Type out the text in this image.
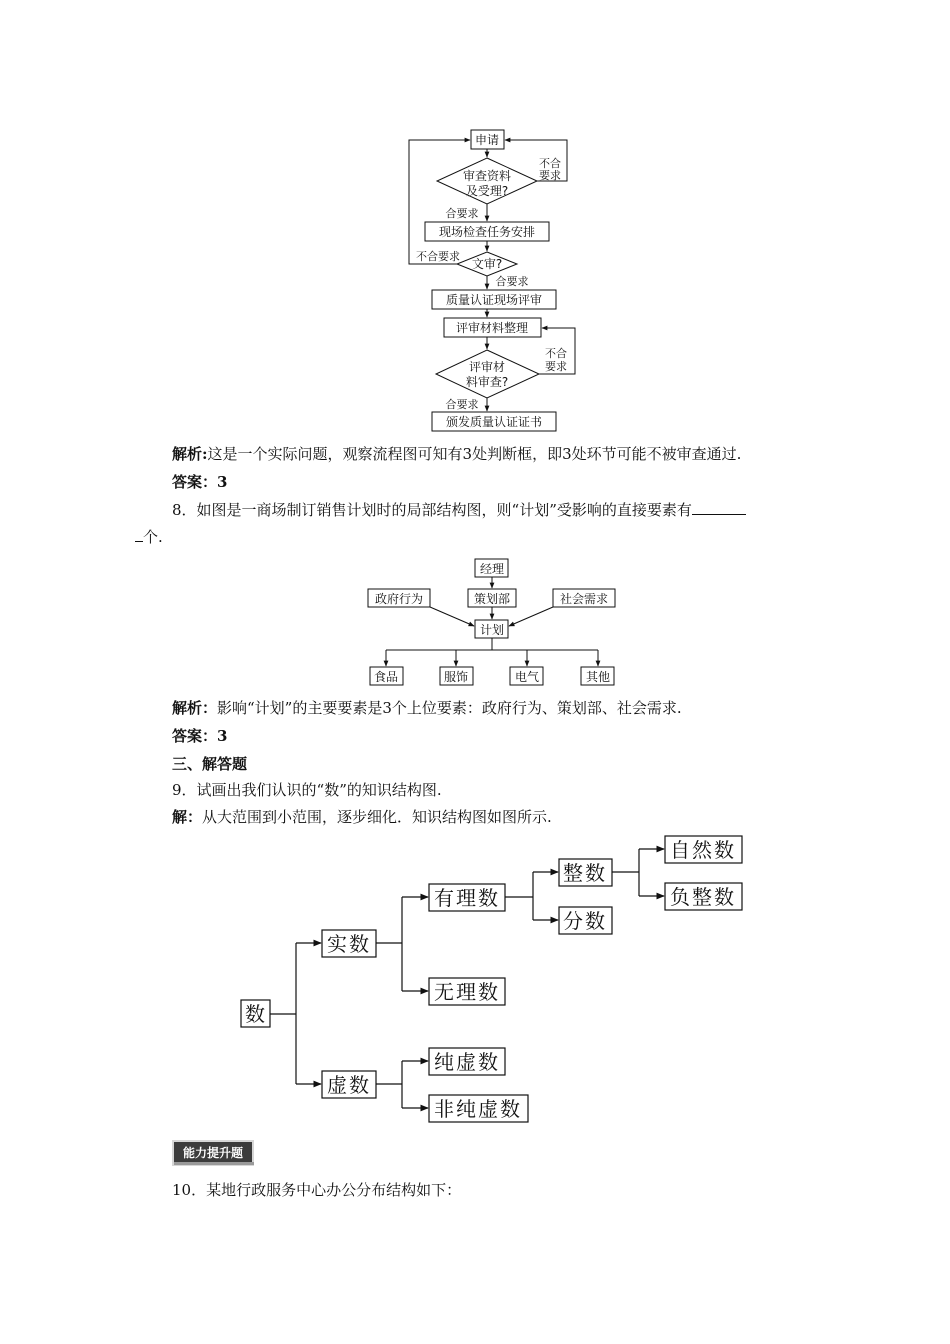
申请
审查资料
及受理?
不合
要求
合要求
现场检查任务安排
不合要求
文审?
合要求
质量认证现场评审
评审材料整理
评审材
料审查?
不合
要求
合要求
颁发质量认证证书
解析:这是一个实际问题，观察流程图可知有3处判断框，即3处环节可能不被审查通过.
答案：3
8．如图是一商场制订销售计划时的局部结构图，则“计划”受影响的直接要素有
个.
经理
政府行为	策划部	社会需求
计划
食品	服饰	电气	其他
解析：影响“计划”的主要要素是3个上位要素：政府行为、策划部、社会需求.
答案：3
三、解答题
9．试画出我们认识的“数”的知识结构图.
解：从大范围到小范围，逐步细化．知识结构图如图所示.
数
实数
虚数
有理数
无理数
整数
分数
自然数
负整数
纯虚数
非纯虚数
能力提升题
10．某地行政服务中心办公分布结构如下：
